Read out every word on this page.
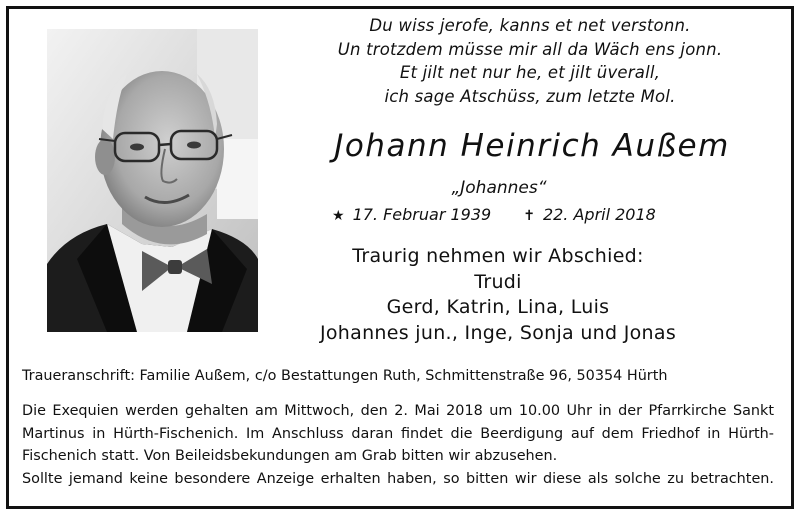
Du wiss jerofe, kanns et net verstonn.
Un trotzdem müsse mir all da Wäch ens jonn.
Et jilt net nur he, et jilt üverall,
ich sage Atschüss, zum letzte Mol.
Johann Heinrich Außem
„Johannes“
★ 17. Februar 1939 ✝ 22. April 2018
Traurig nehmen wir Abschied:
Trudi
Gerd, Katrin, Lina, Luis
Johannes jun., Inge, Sonja und Jonas
Traueranschrift: Familie Außem, c/o Bestattungen Ruth, Schmittenstraße 96, 50354 Hürth
Die Exequien werden gehalten am Mittwoch, den 2. Mai 2018 um 10.00 Uhr in der Pfarrkirche Sankt
Martinus in Hürth-Fischenich. Im Anschluss daran findet die Beerdigung auf dem Friedhof in Hürth-
Fischenich statt. Von Beileidsbekundungen am Grab bitten wir abzusehen.
Sollte jemand keine besondere Anzeige erhalten haben, so bitten wir diese als solche zu betrachten.
